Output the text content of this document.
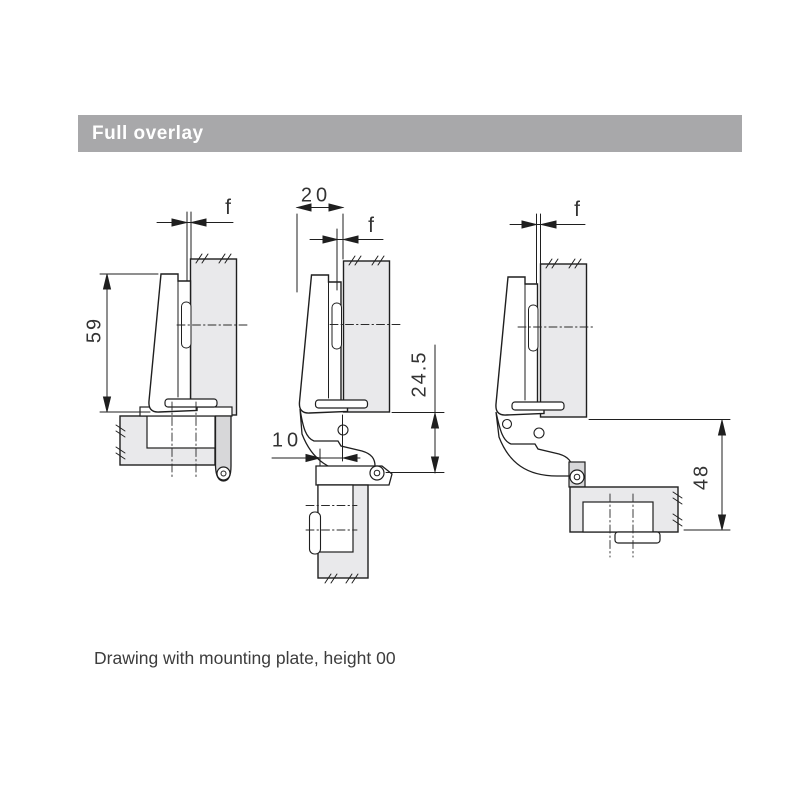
Full overlay
f
59
20
f
24.5
10
f
48
Drawing with mounting plate, height 00
